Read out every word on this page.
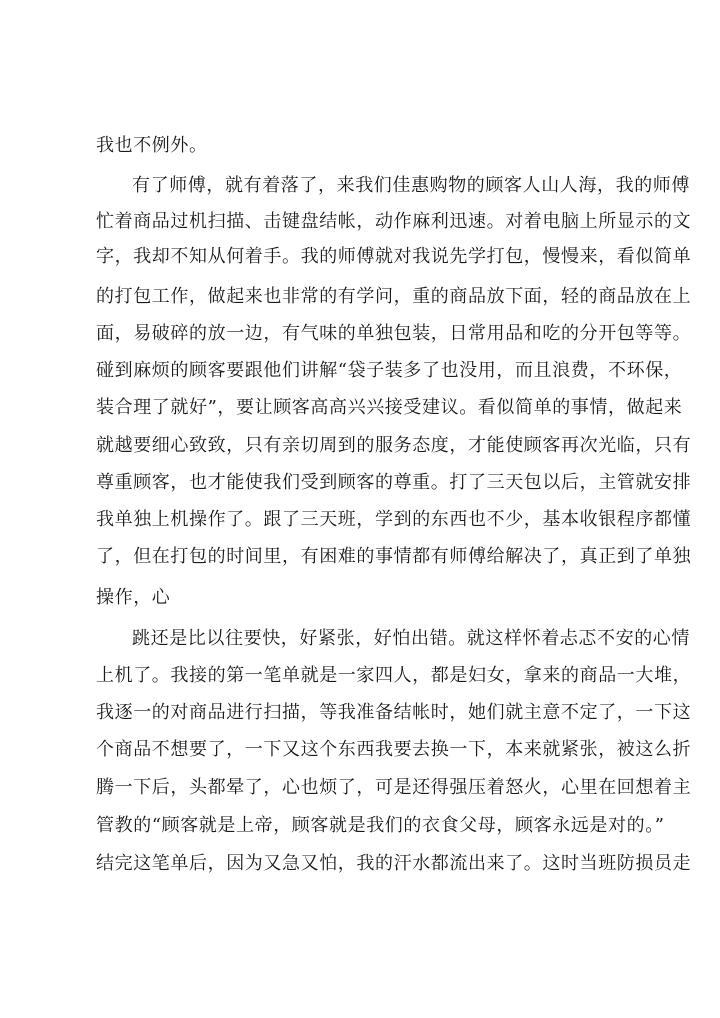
我也不例外。
有了师傅，就有着落了，来我们佳惠购物的顾客人山人海，我的师傅
忙着商品过机扫描、击键盘结帐，动作麻利迅速。对着电脑上所显示的文
字，我却不知从何着手。我的师傅就对我说先学打包，慢慢来，看似简单
的打包工作，做起来也非常的有学问，重的商品放下面，轻的商品放在上
面，易破碎的放一边，有气味的单独包装，日常用品和吃的分开包等等。
碰到麻烦的顾客要跟他们讲解“袋子装多了也没用，而且浪费，不环保，
装合理了就好”，要让顾客高高兴兴接受建议。看似简单的事情，做起来
就越要细心致致，只有亲切周到的服务态度，才能使顾客再次光临，只有
尊重顾客，也才能使我们受到顾客的尊重。打了三天包以后，主管就安排
我单独上机操作了。跟了三天班，学到的东西也不少，基本收银程序都懂
了，但在打包的时间里，有困难的事情都有师傅给解决了，真正到了单独
操作，心
跳还是比以往要快，好紧张，好怕出错。就这样怀着忐忑不安的心情
上机了。我接的第一笔单就是一家四人，都是妇女，拿来的商品一大堆，
我逐一的对商品进行扫描，等我准备结帐时，她们就主意不定了，一下这
个商品不想要了，一下又这个东西我要去换一下，本来就紧张，被这么折
腾一下后，头都晕了，心也烦了，可是还得强压着怒火，心里在回想着主
管教的“顾客就是上帝，顾客就是我们的衣食父母，顾客永远是对的。”
结完这笔单后，因为又急又怕，我的汗水都流出来了。这时当班防损员走
